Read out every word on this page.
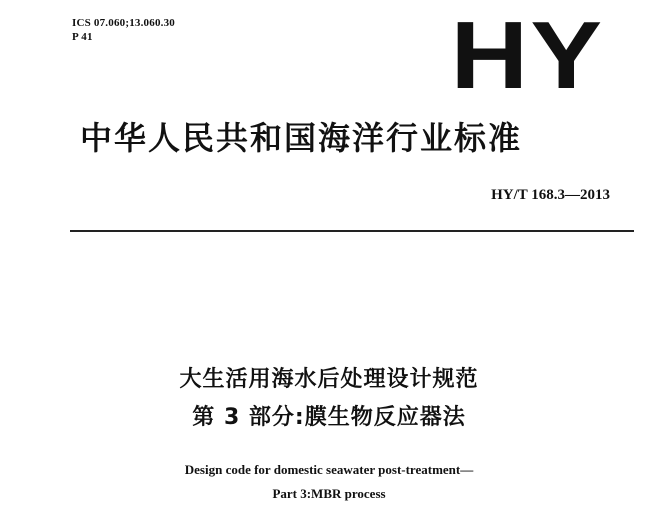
ICS 07.060;13.060.30
P 41	HY
中华人民共和国海洋行业标准
HY/T 168.3—2013
大生活用海水后处理设计规范
第 3 部分:膜生物反应器法
Design code for domestic seawater post-treatment—
Part 3:MBR process
